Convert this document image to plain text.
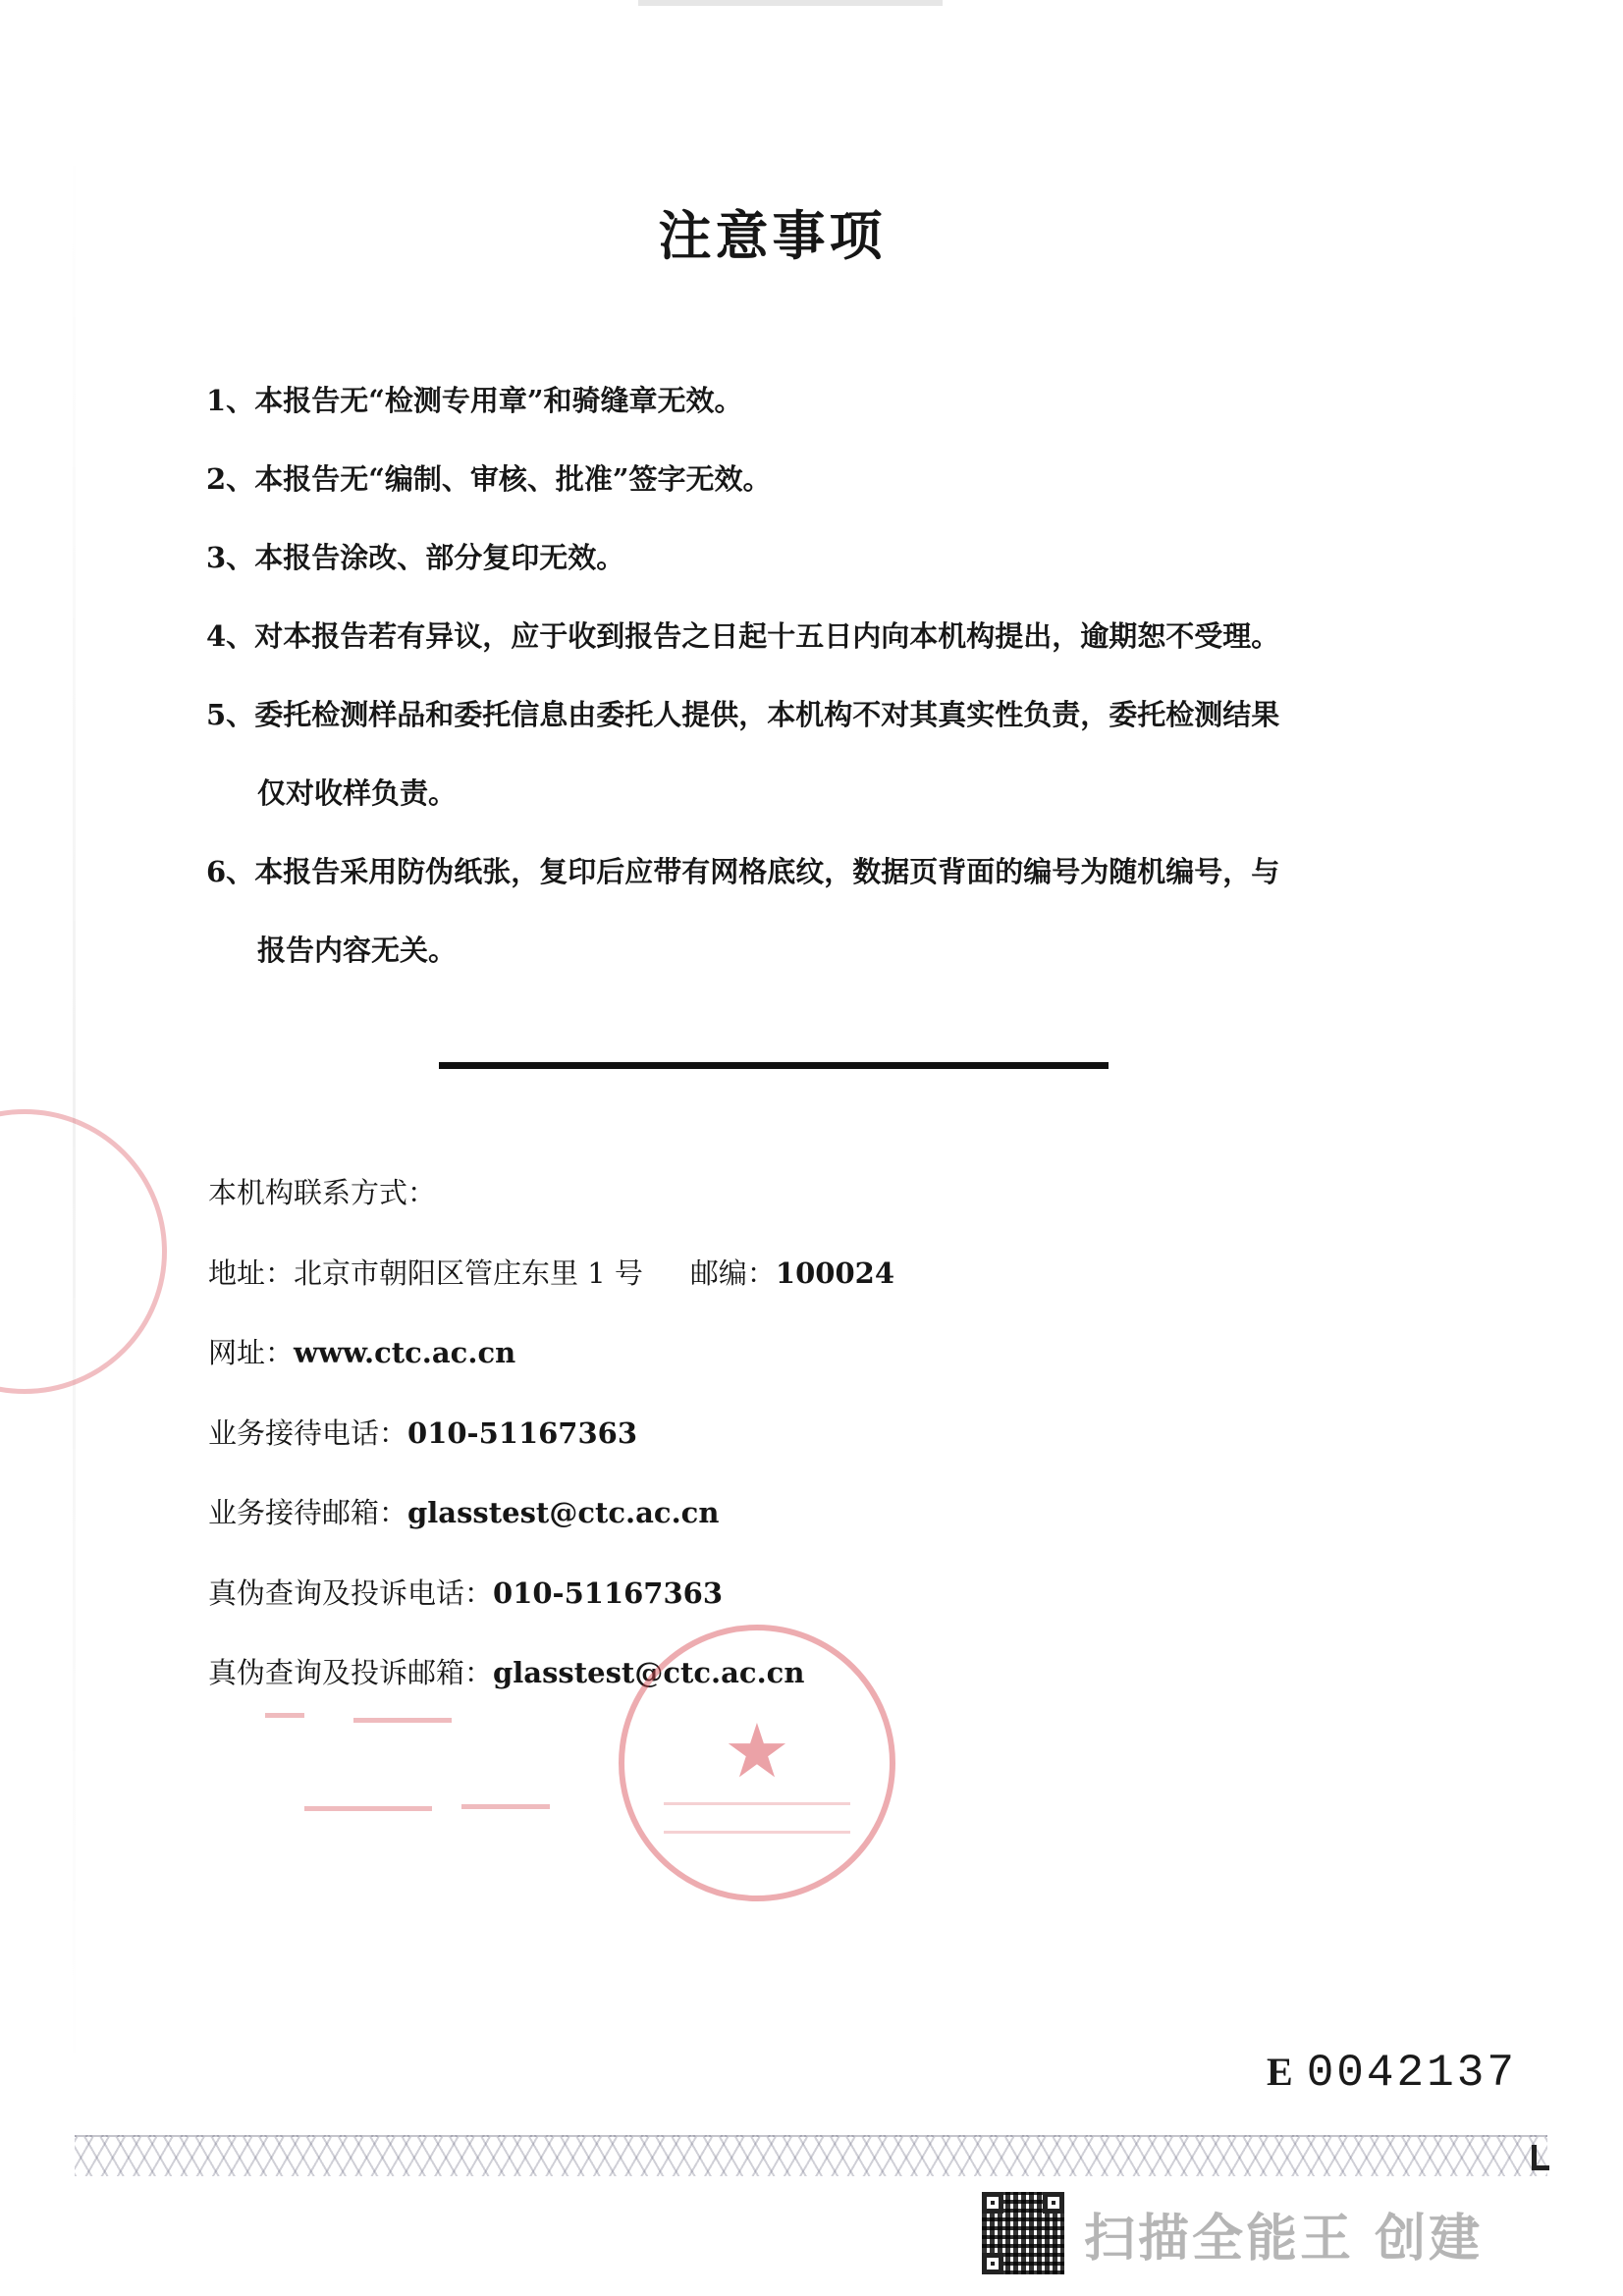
注意事项
1、本报告无“检测专用章”和骑缝章无效。
2、本报告无“编制、审核、批准”签字无效。
3、本报告涂改、部分复印无效。
4、对本报告若有异议，应于收到报告之日起十五日内向本机构提出，逾期恕不受理。
5、委托检测样品和委托信息由委托人提供，本机构不对其真实性负责，委托检测结果
仅对收样负责。
6、本报告采用防伪纸张，复印后应带有网格底纹，数据页背面的编号为随机编号，与
报告内容无关。
本机构联系方式：
地址：北京市朝阳区管庄东里 1 号 邮编：100024
网址：www.ctc.ac.cn
业务接待电话：010-51167363
业务接待邮箱：glasstest@ctc.ac.cn
真伪查询及投诉电话：010-51167363
真伪查询及投诉邮箱：glasstest@ctc.ac.cn
★
E 0042137
扫描全能王 创建
